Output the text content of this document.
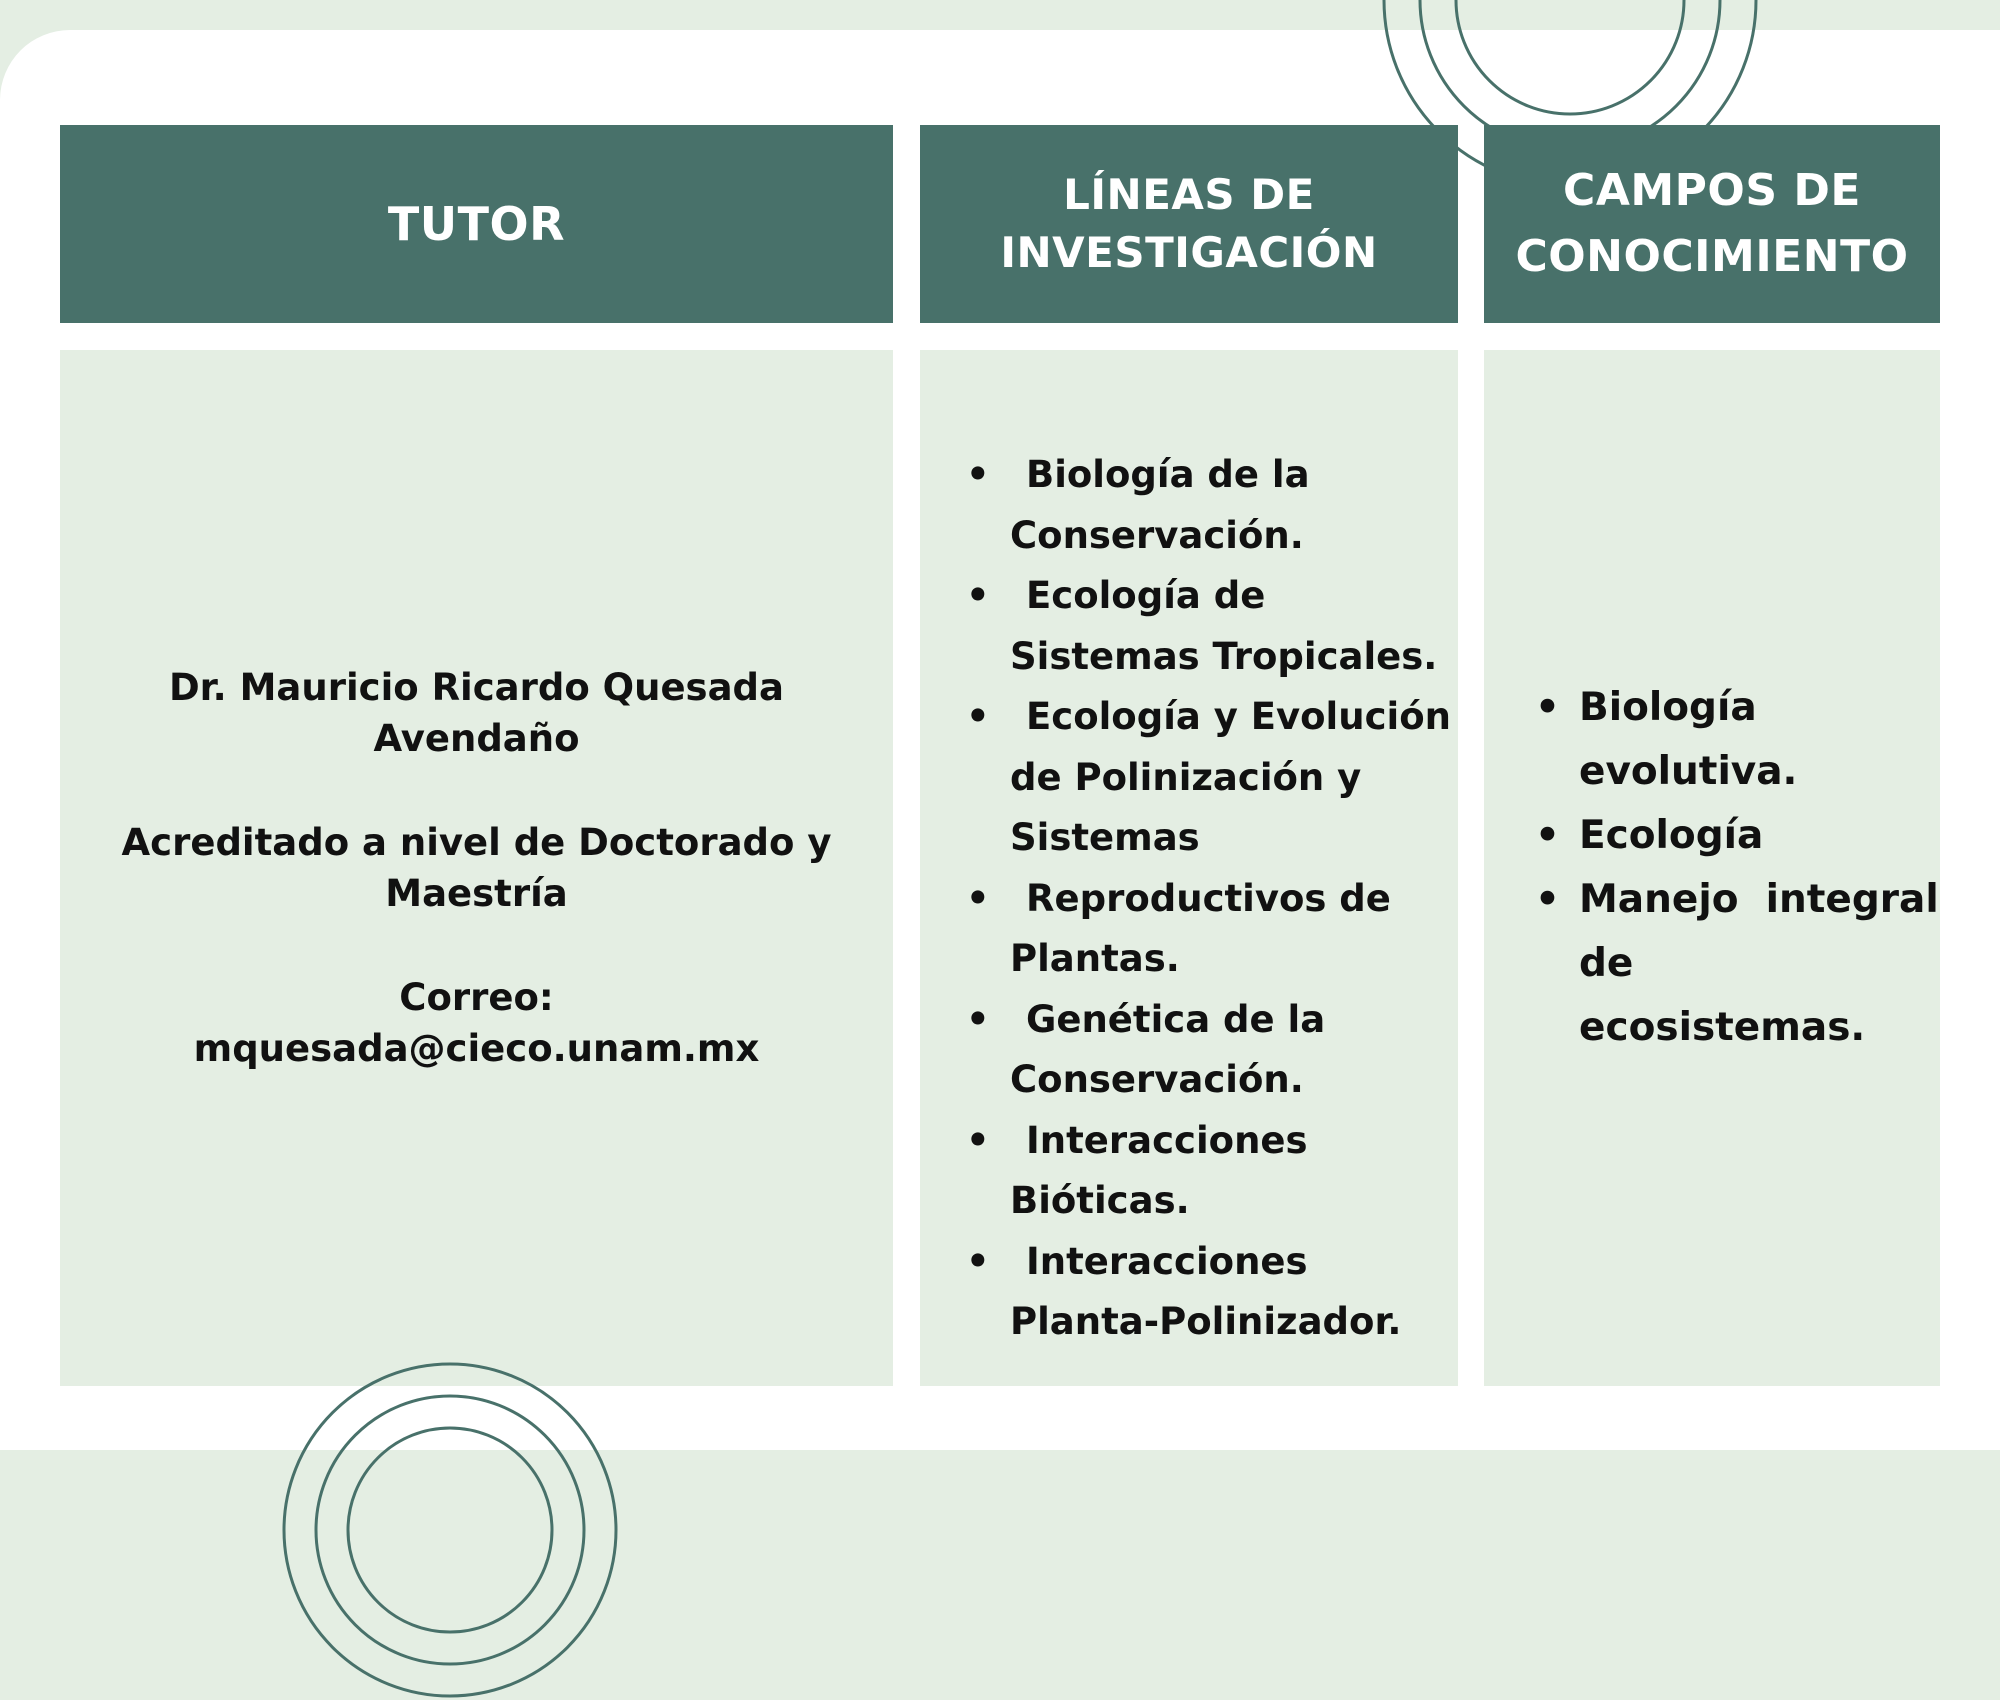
TUTOR
LÍNEAS DE
INVESTIGACIÓN
CAMPOS DE
CONOCIMIENTO
Dr. Mauricio Ricardo Quesada
Avendaño
Acreditado a nivel de Doctorado y
Maestría
Correo:
mquesada@cieco.unam.mx
• Biología de la
Conservación.
• Ecología de
Sistemas Tropicales.
• Ecología y Evolución
de Polinización y
Sistemas
• Reproductivos de
Plantas.
• Genética de la
Conservación.
• Interacciones
Bióticas.
• Interacciones
Planta-Polinizador.
• Biología
evolutiva.
• Ecología
• Manejo  integral
de
ecosistemas.
